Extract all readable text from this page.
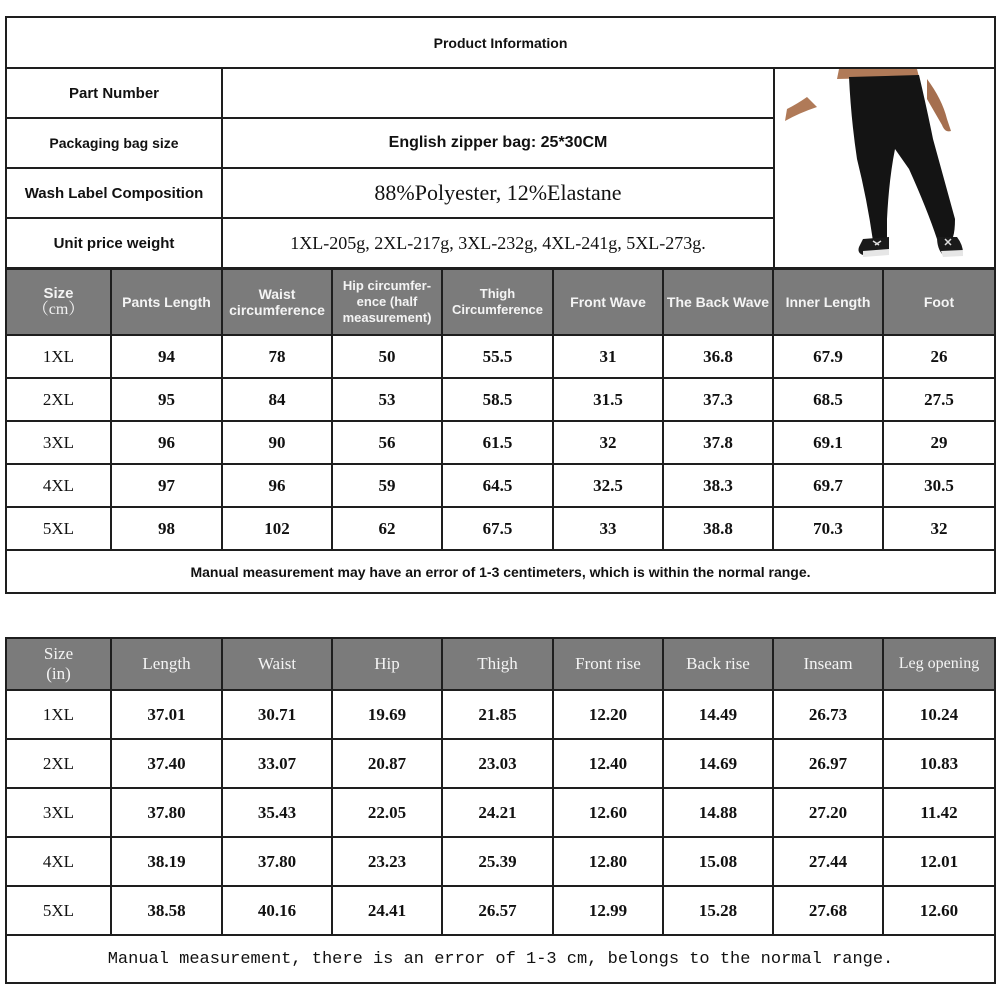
Product Information		
Part Number		

Packaging bag size	English zipper bag: 25*30CM	
Wash Label Composition	88%Polyester, 12%Elastane	
Unit price weight	1XL-205g, 2XL-217g, 3XL-232g, 4XL-241g, 5XL-273g.	
Size
（cm）	Pants Length	Waist circumference	Hip circumfer-ence (half measurement)	Thigh Circumference	Front Wave	The Back Wave	Inner Length	Foot
1XL	94	78	50	55.5	31	36.8	67.9	26
2XL	95	84	53	58.5	31.5	37.3	68.5	27.5
3XL	96	90	56	61.5	32	37.8	69.1	29
4XL	97	96	59	64.5	32.5	38.3	69.7	30.5
5XL	98	102	62	67.5	33	38.8	70.3	32
Manual measurement may have an error of 1-3 centimeters, which is within the normal range.								
Size
(in)	Length	Waist	Hip	Thigh	Front rise	Back rise	Inseam	Leg opening
1XL	37.01	30.71	19.69	21.85	12.20	14.49	26.73	10.24
2XL	37.40	33.07	20.87	23.03	12.40	14.69	26.97	10.83
3XL	37.80	35.43	22.05	24.21	12.60	14.88	27.20	11.42
4XL	38.19	37.80	23.23	25.39	12.80	15.08	27.44	12.01
5XL	38.58	40.16	24.41	26.57	12.99	15.28	27.68	12.60
Manual measurement, there is an error of 1-3 cm, belongs to the normal range.								
